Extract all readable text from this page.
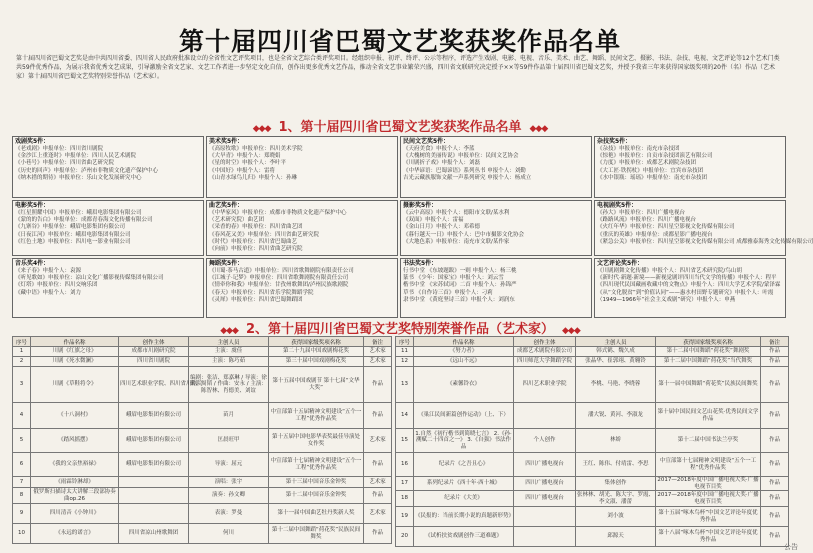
第十届四川省巴蜀文艺奖获奖作品名单
第十届四川省巴蜀文艺奖是由中共四川省委、四川省人民政府批准设立的全省性文艺评奖项目，也是全省文艺综合类评奖项目。经组织申报、初评、终评、公示等程序，评选产生戏剧、电影、电视、音乐、美术、曲艺、舞蹈、民间文艺、摄影、书法、杂技、电视、文艺评论等12个艺术门类共59件优秀作品，为展示我省优秀文艺成果，引导激励全省文艺家、文艺工作者进一步坚定文化自信，创作出更多优秀文艺作品，推动全省文艺事业繁荣兴盛，四川省文联研究决定授予××等59件作品第十届四川省巴蜀文艺奖，并授予我省三年来获得国家级奖项的20件（名）作品（艺术家）第十届四川省巴蜀文艺奖特别荣誉作品（艺术家）。
◆◆◆ 1、第十届四川省巴蜀文艺奖获奖作品名单 ◆◆◆
戏剧奖5件：
《老戏剧》申报单位：四川省川剧院
《金沙江上重逢时》申报单位：四川人民艺术剧院
《小巷号》申报单位：四川省曲艺研究院
《历史的回声》申报单位：泸州市非物质文化遗产保护中心
《纳木措的期待》申报单位：乐山文化发展研究中心
美术奖5件：
《高原牧歌》申报单位：四川美术学院
《大旱青》申报个人：郑晓娟
《星的时空》申报个人：李叶平
《中国好》申报个人：雷将
《山青水绿鸟儿归》申报个人：孙琳
民间文艺奖5件：
《天府美食》申报个人：李蓝
《大槐树的美丽传说》申报单位：民间文艺协会
《川剧折子戏》申报个人：刘磊
《中华谚语：巴蜀谚语》系列丛书 申报个人：刘勤
吉光云藏族服饰文献一声系列研究 申报个人：杨成立
杂技奖5件：
《杂技》申报单位：南充市杂技团
《惊艳》申报单位：自贡市杂技团演艺有限公司
《力度》申报单位：成都艺术剧院杂技团
《大工匠·铁拐杖》申报单位：宜宾市杂技团
《水中银瓶：瑶瑶》申报单位：南充市杂技团
电影奖5件：
《红星照耀中国》申报单位：峨眉电影集团有限公司
《蒙的的告白》申报单位：成都青春海文化传播有限公司
《九寨谷》申报单位：峨眉电影集团有限公司
《日夜江河》申报单位：峨眉电影集团有限公司
《红色土地》申报单位：四川电一影业有限公司
曲艺奖5件：
《中华家风》申报单位：成都市非物质文化遗产保护中心
（艺术研究院）曲艺团
《采香的春》申报单位：四川省曲艺团
《春风花又美》申报单位：四川省曲艺研究院
《时代》申报单位：四川省巴蜀曲艺
《向前》申报单位：四川省曲艺研究院
摄影奖5件：
《云中高原》申报个人：德阳市文联/某水利
《双面》申报个人：雷福
《金山日月》申报个人：邓希德
《暮行越天一日》申报个人：巴中市摄影文化协会
《大地色系》申报单位：南充市文联/某作家
电视剧奖5件：
《孙大》申报单位：四川广播电视台
《路路风流》申报单位：四川广播电视台
《火红年华》申报单位：四川星空影视文化传媒有限公司
《重庆的英雄》申报单位：成都星影广播电视台
《紧急公关》申报单位：四川星空影视文化传媒有限公司 成都雅泰海秀文化传媒有限公司
音乐奖4件：
《来子春》申报个人：袁源
《听见歌如》申报单位：凉山文化广播影视传媒集团有限公司
《灯塔》申报单位：四川交响乐团
《藏中语》申报个人：刘力
舞蹈奖5件：
《川蜀·茶马古道》申报单位：四川省歌舞剧院有限责任公司
《江城子·记梦》申报单位：四川省歌舞剧院有限责任公司
《情牵你和我》申报单位：甘孜州歌舞团/泸州民族歌剧院
《春天》申报单位：四川省乐学院舞蹈学院
《灵犀》申报单位：四川省巴蜀舞蹈团
书法奖5件：
行书中堂 《东坡题跋》一则 申报个人：杨三桃
篆书 《少年：国家宝》申报个人：刘云雪
楷书中堂 《宋苏轼词》二首 申报个人：孙锦严
草书 《自作诗三首》申报个人：刁莉
隶书中堂 《黄庭坚诗三首》申报个人：刘润东
文艺评论奖5件：
《川剧剧舞文化传播》申报个人：四川省艺术研究院/鸟山胡
《新时代·新题·新境——新视觉剧评四川当代文学的传播》申报个人：程平
《四川现代民国藏画收藏中的文物点》申报个人：四川大学艺术学院/蒙泽霖
《从“文化脱贫”到“价值认同”——惠水村田野专题研究》申报个人：叶霞
（1949—1966年“社会主义戏剧”研究）申报个人：申燕
◆◆◆ 2、第十届四川省巴蜀文艺奖特别荣誉作品（艺术家） ◆◆◆
序号	作品名称	创作主体	主创人员	获得国家级奖项名称	备注
1	川剧《红旗之母》	成都市川剧研究院	主演：虞佳	第二十九届中国戏剧梅花奖	艺术家
2	川剧《死水微澜》	四川省川剧院	主演：陈巧茹	第三十届中国戏剧梅花奖	艺术家
3	川剧《草鞋将令》	四川艺术职业学院、四川省川剧院	编剧：张洁、郑嘉琳 / 导演：徐勤、周韬 / 作曲：安永 / 主演：陈智林、肖德美、刘谊	第十五届中国戏剧节 第十七届“文华大奖”	作品
4	《十八洞村》	峨眉电影集团有限公司	苗月	中宣部第十五届精神文明建设“五个一工程”优秀作品奖	作品
5	《踏风摇摆》	峨眉电影集团有限公司	匡晨旺甲	第十五届中国电影华表奖最佳导演处女作奖	艺术家
6	《我的父亲焦裕禄》	峨眉电影集团有限公司	导演：屈元	中宣部第十七届精神文明建设“五个一工程”优秀作品奖	作品
7	《雨霖铃淋却》		演唱：张宇	第十三届中国音乐金钟奖	艺术家
8	俄罗斯扫描诗太大讲解三段部协奏曲op.26		演奏：孙文卿	第十二届中国音乐金钟奖	作品
9	四川清音《小钟川》		表演：罗曼	第十一届中国曲艺牡丹奖新人奖	艺术家
10	《永远的诺言》	四川省凉山州歌舞团	何川	第十二届中国舞蹈“荷花奖”民族民间舞奖	作品
序号	作品名称	创作主体	主创人员	获得国家级奖项名称	备注
11	《努力者》	成都艺术剧院有限公司	韩式鹤、魏久成	第十二届中国舞蹈“荷花奖”舞剧奖	作品
12	《远山不远》	四川师范大学舞蹈学院	张晶华、崔郭翊、黄翱铃	第十二届中国舞蹈“荷花奖”当代舞奖	作品
13	《素馨铃衣》	四川艺术职业学院	李桃、马艳、李晓蓉	第十一届中国舞蹈“荷花奖”民族民间舞奖	作品
14	《巢江民间新篇创作运动》（上、下）		潘大锐、黄河、李淑龙	第十届中国民间文艺山花奖·优秀民间文学作品	作品
15	1.自然《初行楷书到简晓七言》 2.《孙·溯赋二十四首之一》 3.《自强》书法作品	个人创作	林娇	第十二届中国书法兰亭奖	作品
16	纪录片《之吾且心》	四川广播电视台	王红、陈伟、付靖雷、李思	中宣部第十七届精神文明建设“五个一工程”优秀作品奖	作品
17	系列纪录片《西十年·西十城》	四川广播电视台	集体创作	2017—2018年度中国广播电视大奖·广播电视节目奖	作品
18	纪录片《大美》	四川广播电视台	张林林、胡光、陈大宇、罗霞、李文淑、潘蕾	2017—2018年度中国广播电视大奖·广播电视节目奖	作品
19	《民报的：当前长期小说的真题新形势》		刘小波	第十五届“啄木鸟杯”中国文艺评论年度优秀作品	作品
20	《试析扶贫戏剧创作三道难题》		邱源天	第十八届“啄木鸟杯”中国文艺评论年度优秀作品	作品
公告
